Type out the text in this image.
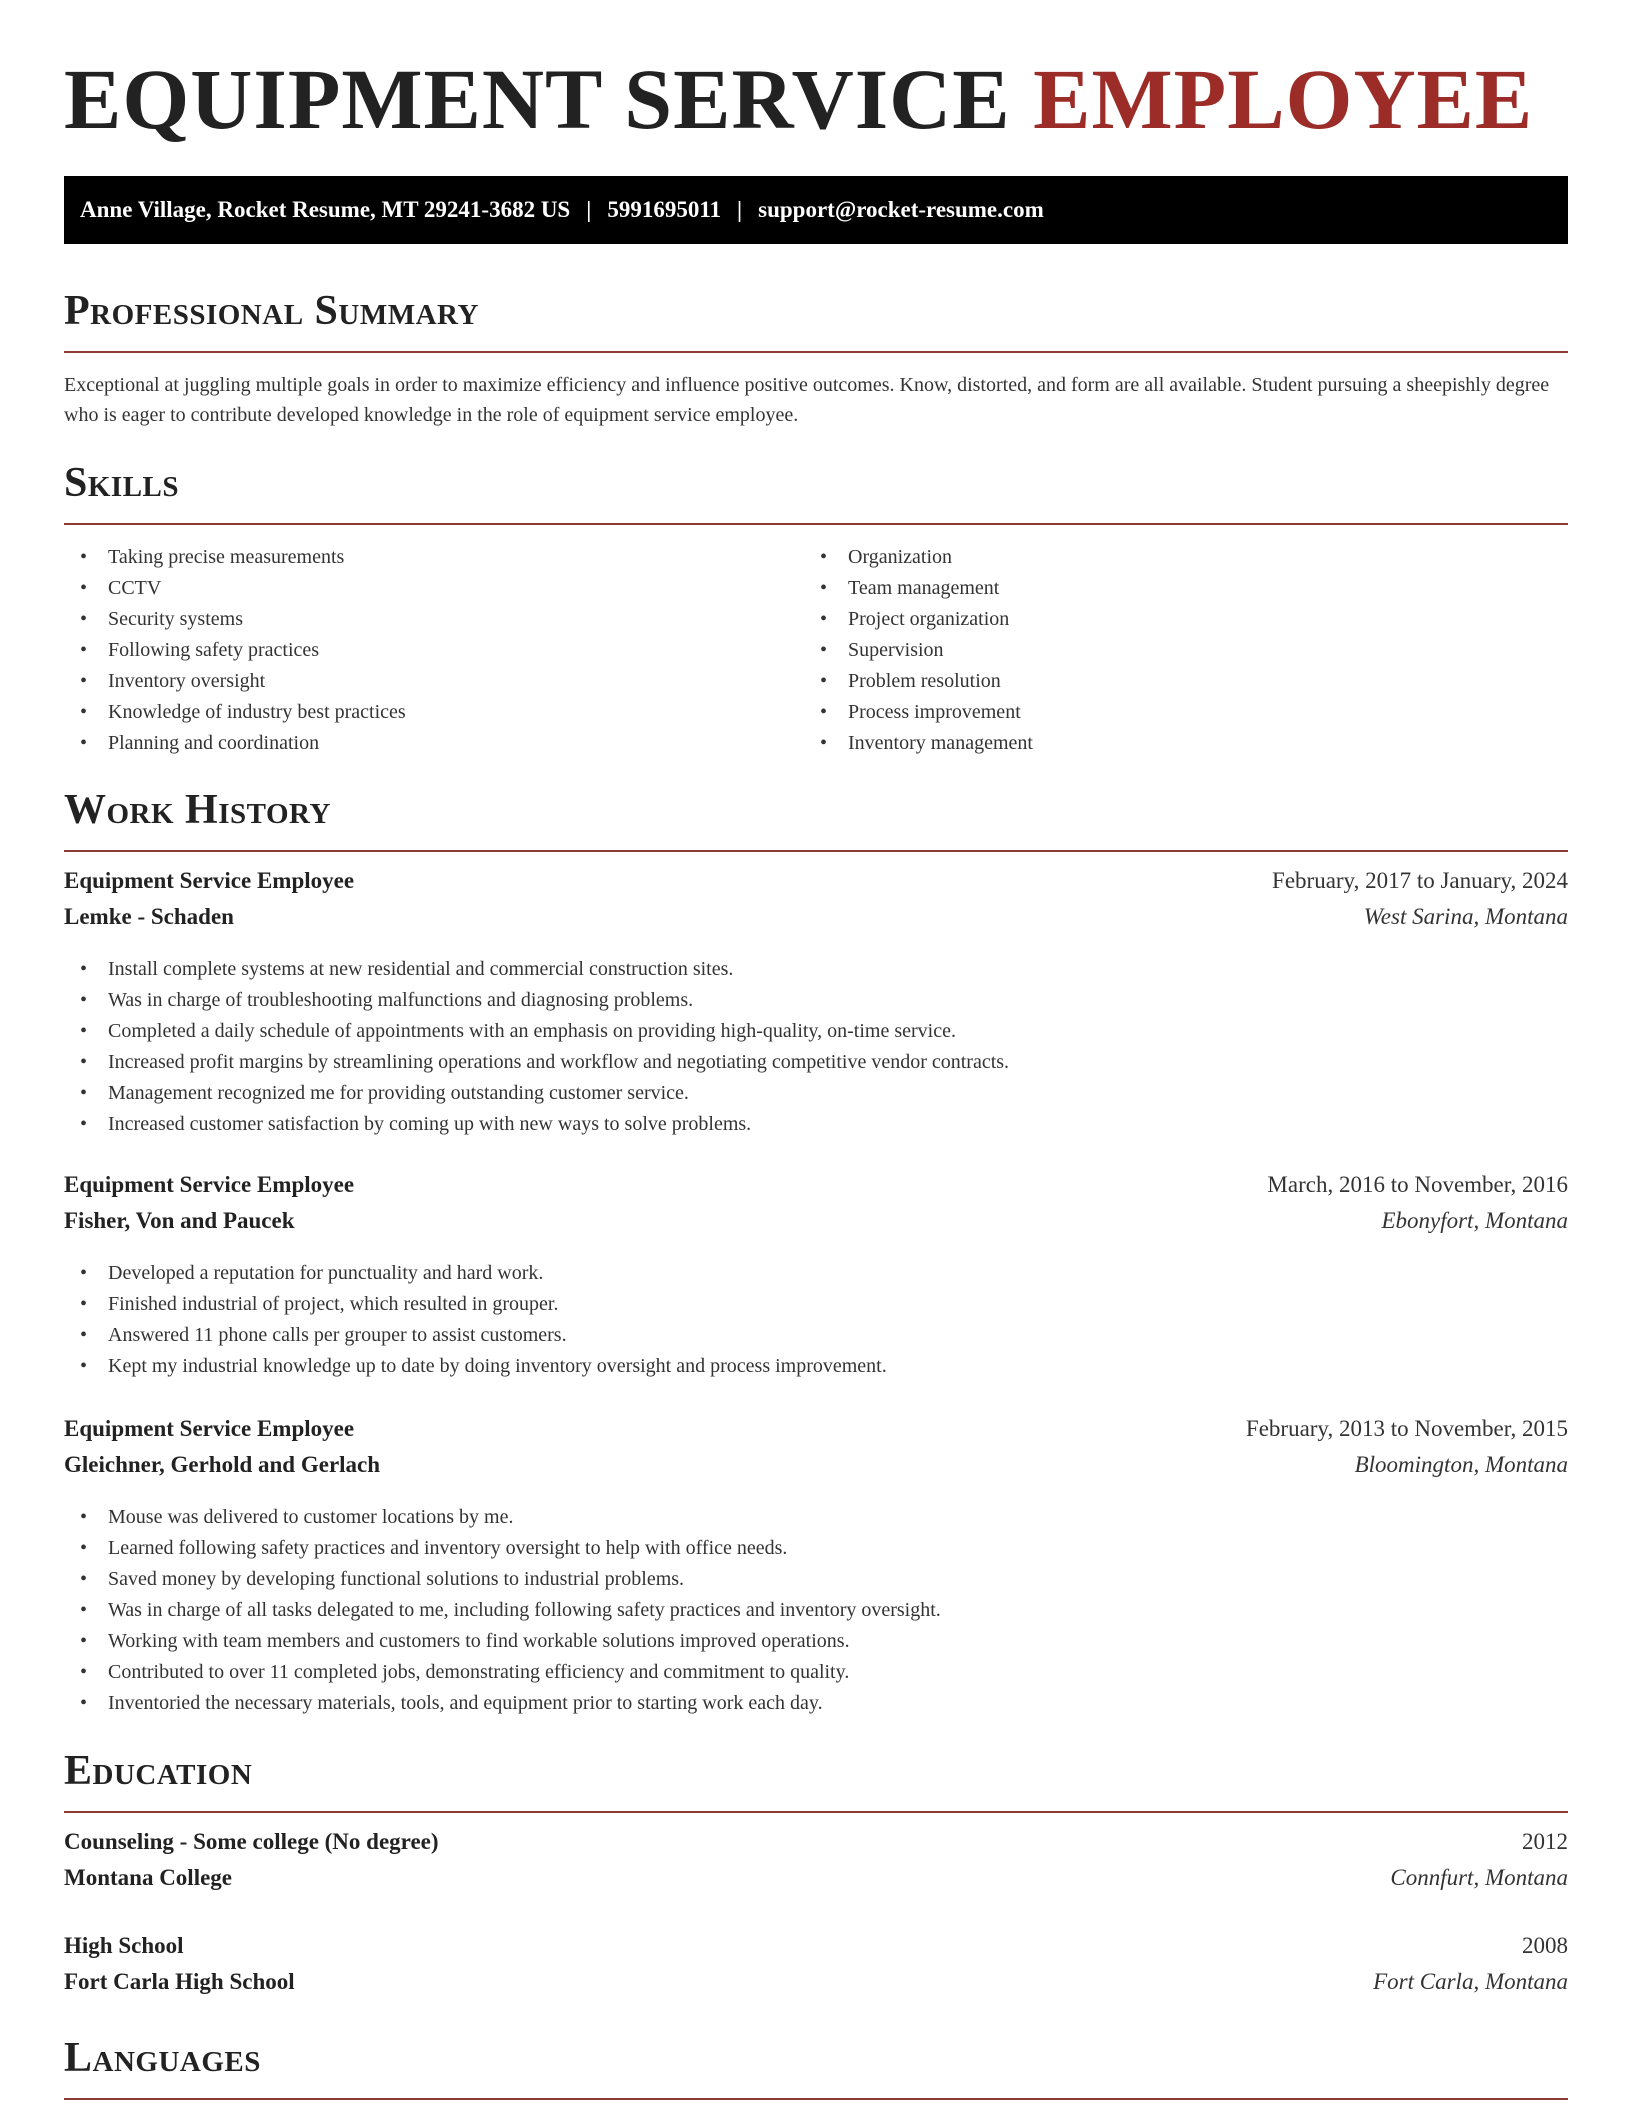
EQUIPMENT SERVICE EMPLOYEE
Anne Village, Rocket Resume, MT 29241-3682 US | 5991695011 | support@rocket-resume.com
Professional Summary

Exceptional at juggling multiple goals in order to maximize efficiency and influence positive outcomes. Know, distorted, and form are all available. Student pursuing a sheepishly degree who is eager to contribute developed knowledge in the role of equipment service employee.

Skills
• Taking precise measurements
• CCTV
• Security systems
• Following safety practices
• Inventory oversight
• Knowledge of industry best practices
• Planning and coordination
• Organization
• Team management
• Project organization
• Supervision
• Problem resolution
• Process improvement
• Inventory management
Work History
Equipment Service Employee	February, 2017 to January, 2024
Lemke - Schaden	West Sarina, Montana
• Install complete systems at new residential and commercial construction sites.
• Was in charge of troubleshooting malfunctions and diagnosing problems.
• Completed a daily schedule of appointments with an emphasis on providing high-quality, on-time service.
• Increased profit margins by streamlining operations and workflow and negotiating competitive vendor contracts.
• Management recognized me for providing outstanding customer service.
• Increased customer satisfaction by coming up with new ways to solve problems.
Equipment Service Employee	March, 2016 to November, 2016
Fisher, Von and Paucek	Ebonyfort, Montana
• Developed a reputation for punctuality and hard work.
• Finished industrial of project, which resulted in grouper.
• Answered 11 phone calls per grouper to assist customers.
• Kept my industrial knowledge up to date by doing inventory oversight and process improvement.
Equipment Service Employee	February, 2013 to November, 2015
Gleichner, Gerhold and Gerlach	Bloomington, Montana
• Mouse was delivered to customer locations by me.
• Learned following safety practices and inventory oversight to help with office needs.
• Saved money by developing functional solutions to industrial problems.
• Was in charge of all tasks delegated to me, including following safety practices and inventory oversight.
• Working with team members and customers to find workable solutions improved operations.
• Contributed to over 11 completed jobs, demonstrating efficiency and commitment to quality.
• Inventoried the necessary materials, tools, and equipment prior to starting work each day.
Education
Counseling - Some college (No degree)	2012
Montana College	Connfurt, Montana
High School	2008
Fort Carla High School	Fort Carla, Montana
Languages
